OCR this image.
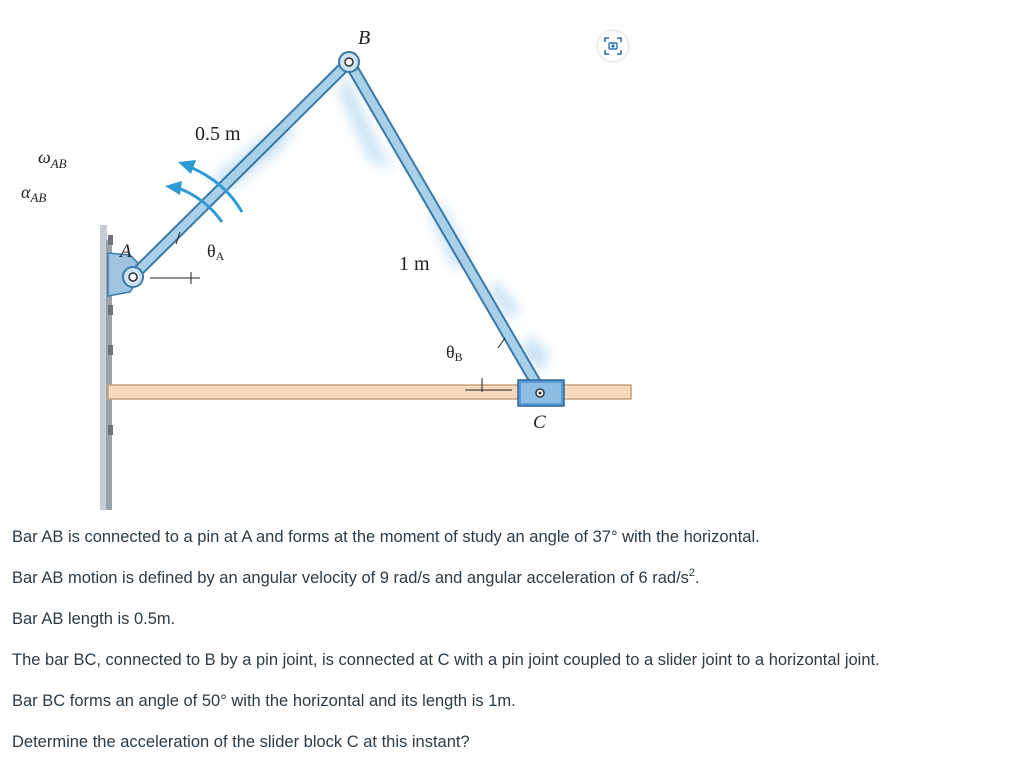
B
A
C
0.5 m
1 m
$\omega_{AB}$
$\alpha_{AB}$
θA
θB

Bar AB is connected to a pin at A and forms at the moment of study an angle of 37° with the horizontal.

Bar AB motion is defined by an angular velocity of 9 rad/s and angular acceleration of 6 rad/$s^2$.

Bar AB length is 0.5m.

The bar BC, connected to B by a pin joint, is connected at C with a pin joint coupled to a slider joint to a horizontal joint.

Bar BC forms an angle of 50° with the horizontal and its length is 1m.

Determine the acceleration of the slider block C at this instant?
